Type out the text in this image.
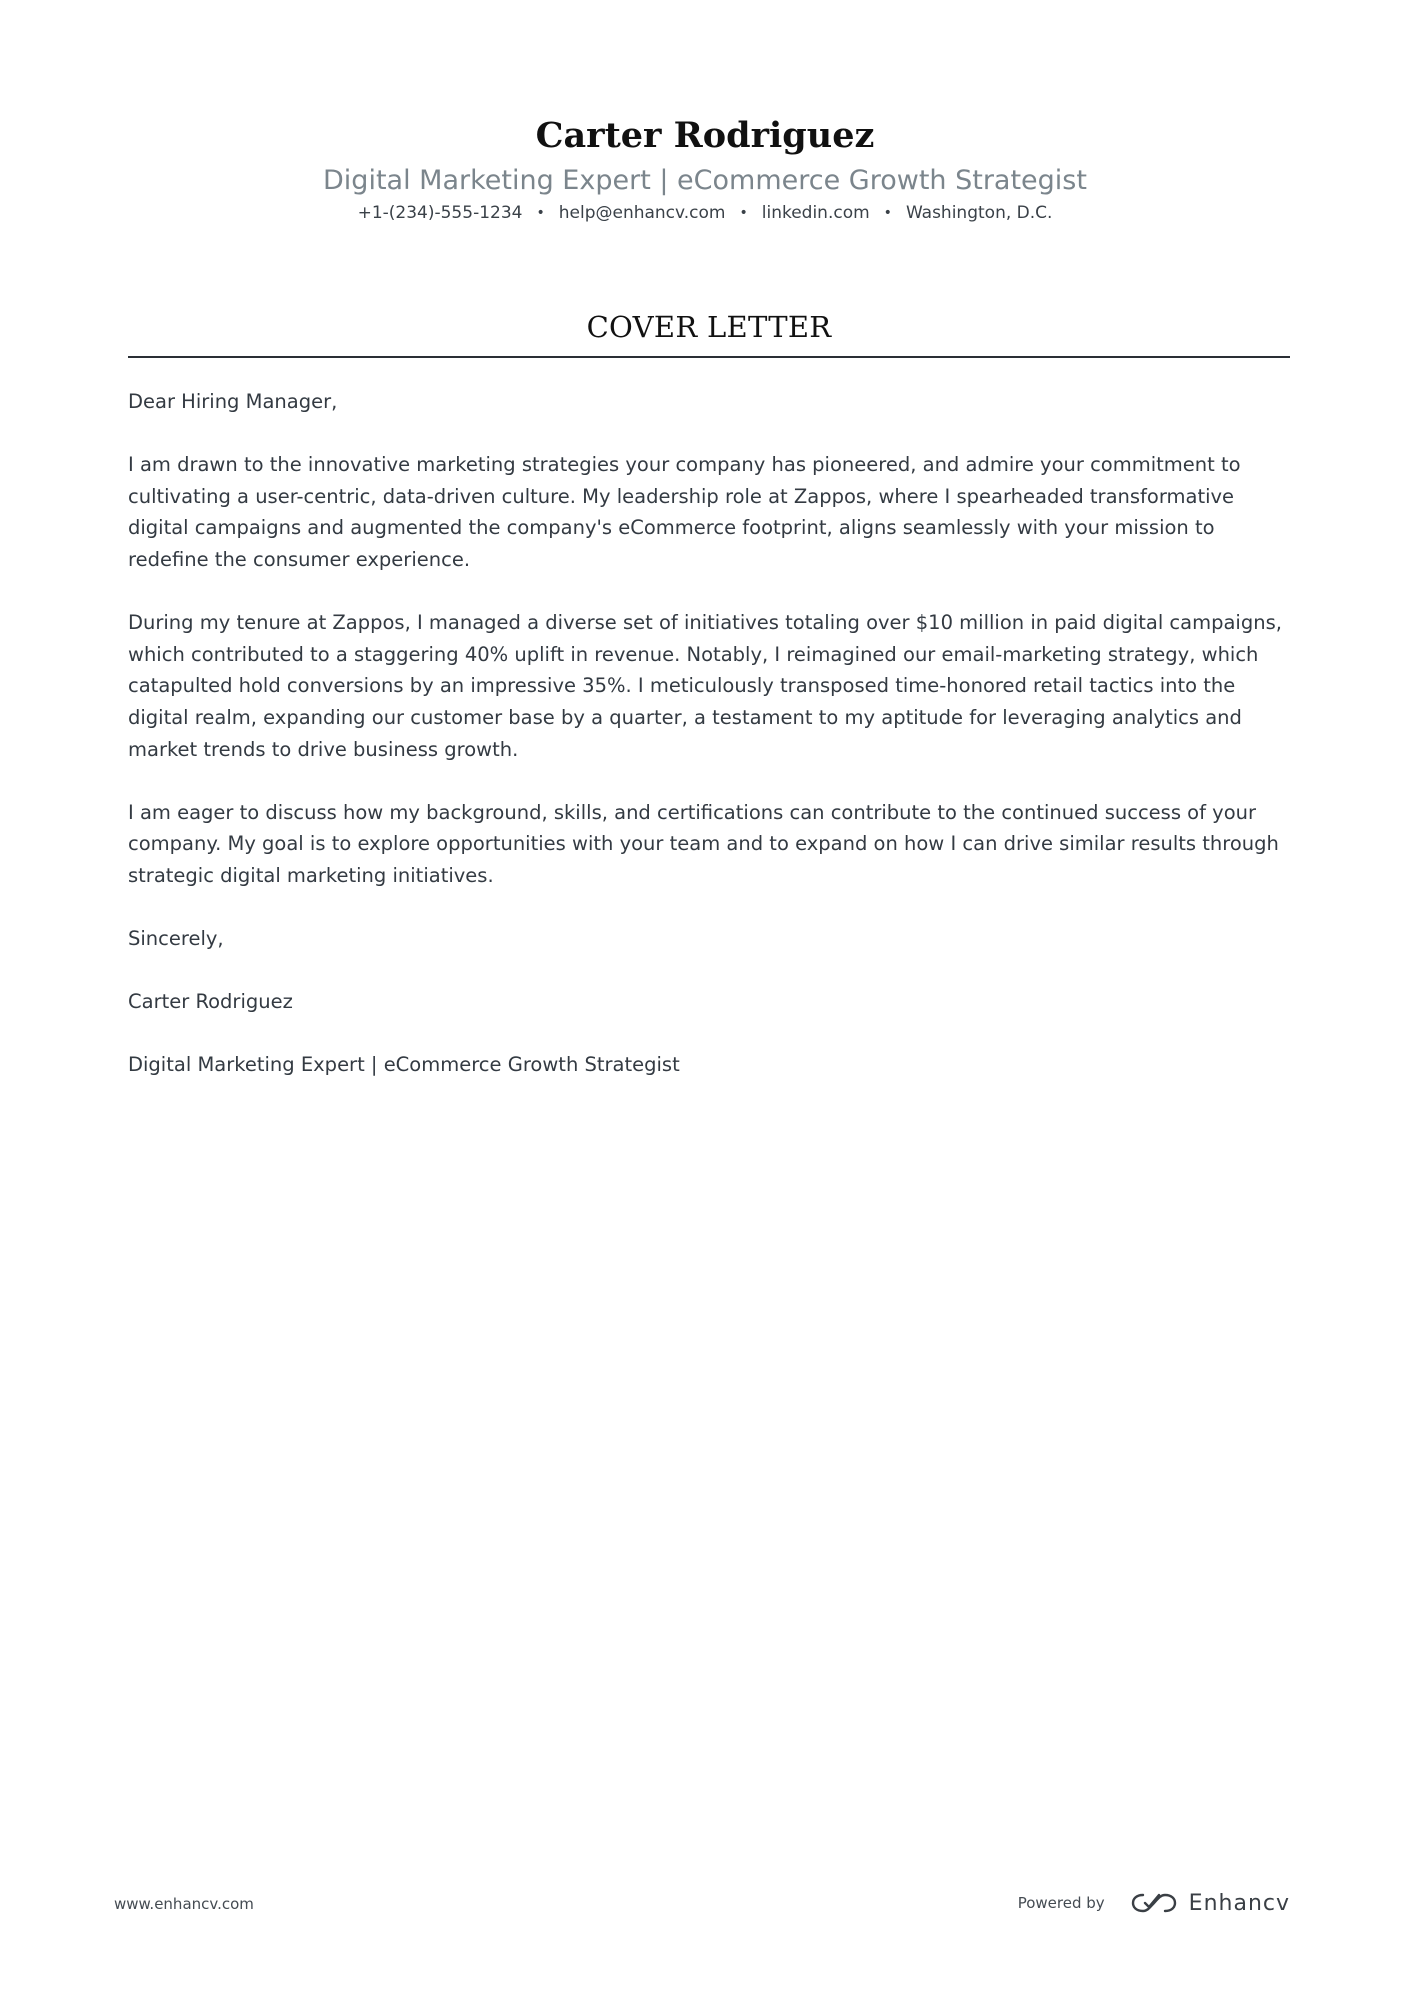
Carter Rodriguez
Digital Marketing Expert | eCommerce Growth Strategist
+1-(234)-555-1234 • help@enhancv.com • linkedin.com • Washington, D.C.
COVER LETTER

Dear Hiring Manager,

I am drawn to the innovative marketing strategies your company has pioneered, and admire your commitment to cultivating a user-centric, data-driven culture. My leadership role at Zappos, where I spearheaded transformative digital campaigns and augmented the company's eCommerce footprint, aligns seamlessly with your mission to redefine the consumer experience.

During my tenure at Zappos, I managed a diverse set of initiatives totaling over $10 million in paid digital campaigns, which contributed to a staggering 40% uplift in revenue. Notably, I reimagined our email-marketing strategy, which catapulted hold conversions by an impressive 35%. I meticulously transposed time-honored retail tactics into the digital realm, expanding our customer base by a quarter, a testament to my aptitude for leveraging analytics and market trends to drive business growth.

I am eager to discuss how my background, skills, and certifications can contribute to the continued success of your company. My goal is to explore opportunities with your team and to expand on how I can drive similar results through strategic digital marketing initiatives.

Sincerely,

Carter Rodriguez

Digital Marketing Expert | eCommerce Growth Strategist

www.enhancv.com	Powered by	Enhancv
